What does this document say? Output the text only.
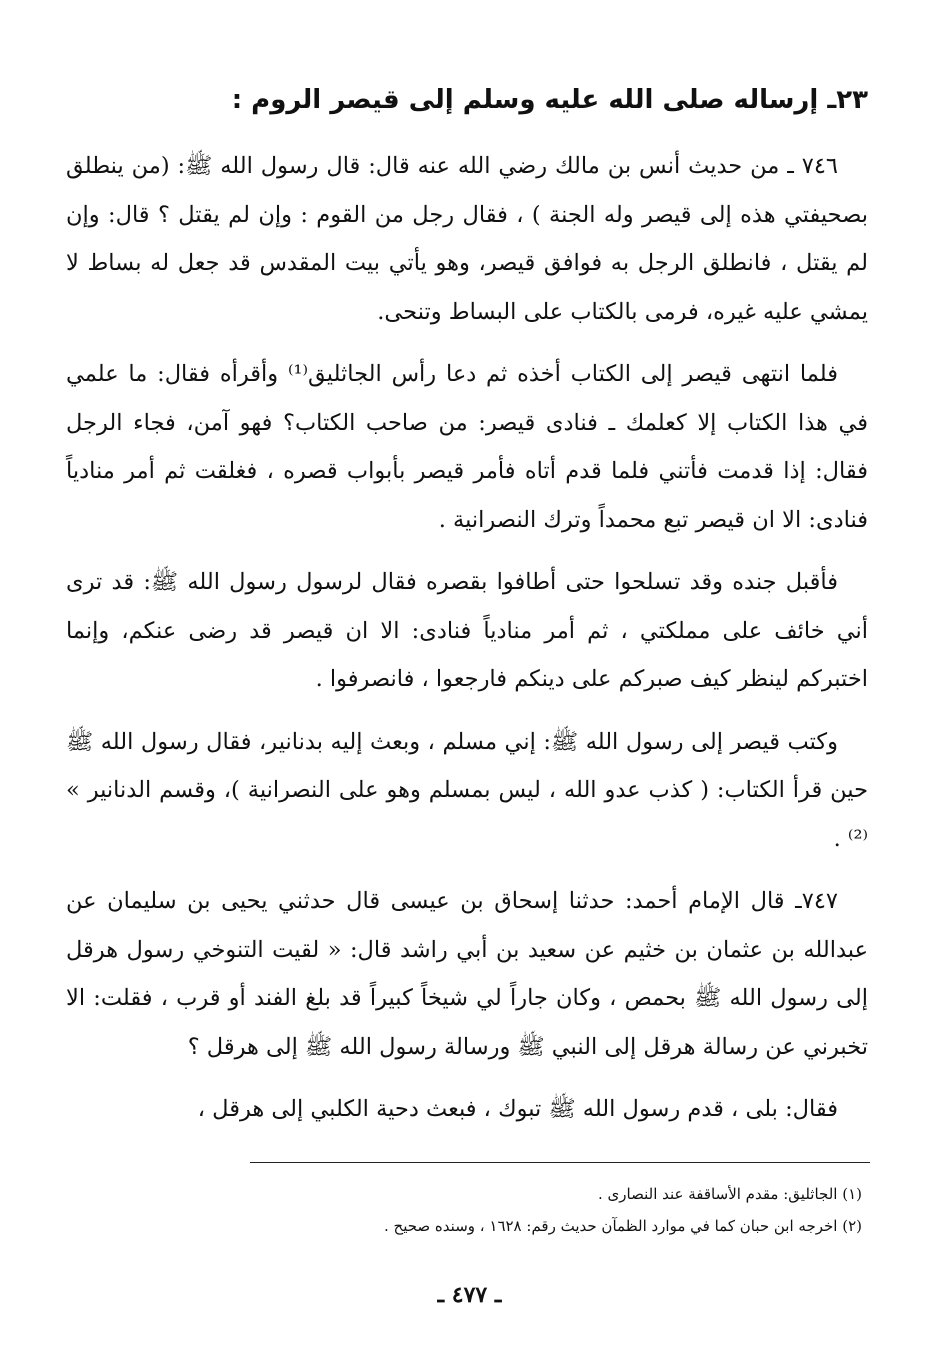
٢٣ـ إرساله صلى الله عليه وسلم إلى قيصر الروم :

٧٤٦ ـ من حديث أنس بن مالك رضي الله عنه قال: قال رسول الله ﷺ: (من ينطلق بصحيفتي هذه إلى قيصر وله الجنة ) ، فقال رجل من القوم : وإن لم يقتل ؟ قال: وإن لم يقتل ، فانطلق الرجل به فوافق قيصر، وهو يأتي بيت المقدس قد جعل له بساط لا يمشي عليه غيره، فرمى بالكتاب على البساط وتنحى.

فلما انتهى قيصر إلى الكتاب أخذه ثم دعا رأس الجاثليق⁽¹⁾ وأقرأه فقال: ما علمي في هذا الكتاب إلا كعلمك ـ فنادى قيصر: من صاحب الكتاب؟ فهو آمن، فجاء الرجل فقال: إذا قدمت فأتني فلما قدم أتاه فأمر قيصر بأبواب قصره ، فغلقت ثم أمر منادياً فنادى: الا ان قيصر تبع محمداً وترك النصرانية .

فأقبل جنده وقد تسلحوا حتى أطافوا بقصره فقال لرسول رسول الله ﷺ: قد ترى أني خائف على مملكتي ، ثم أمر منادياً فنادى: الا ان قيصر قد رضى عنكم، وإنما اختبركم لينظر كيف صبركم على دينكم فارجعوا ، فانصرفوا .

وكتب قيصر إلى رسول الله ﷺ: إني مسلم ، وبعث إليه بدنانير، فقال رسول الله ﷺ حين قرأ الكتاب: ( كذب عدو الله ، ليس بمسلم وهو على النصرانية )، وقسم الدنانير » ⁽²⁾ .

٧٤٧ـ قال الإمام أحمد: حدثنا إسحاق بن عيسى قال حدثني يحيى بن سليمان عن عبدالله بن عثمان بن خثيم عن سعيد بن أبي راشد قال: « لقيت التنوخي رسول هرقل إلى رسول الله ﷺ بحمص ، وكان جاراً لي شيخاً كبيراً قد بلغ الفند أو قرب ، فقلت: الا تخبرني عن رسالة هرقل إلى النبي ﷺ ورسالة رسول الله ﷺ إلى هرقل ؟

فقال: بلى ، قدم رسول الله ﷺ تبوك ، فبعث دحية الكلبي إلى هرقل ،

(١) الجاثليق: مقدم الأساقفة عند النصارى .

(٢) اخرجه ابن حبان كما في موارد الظمآن حديث رقم: ١٦٢٨ ، وسنده صحيح .

ـ ٤٧٧ ـ
